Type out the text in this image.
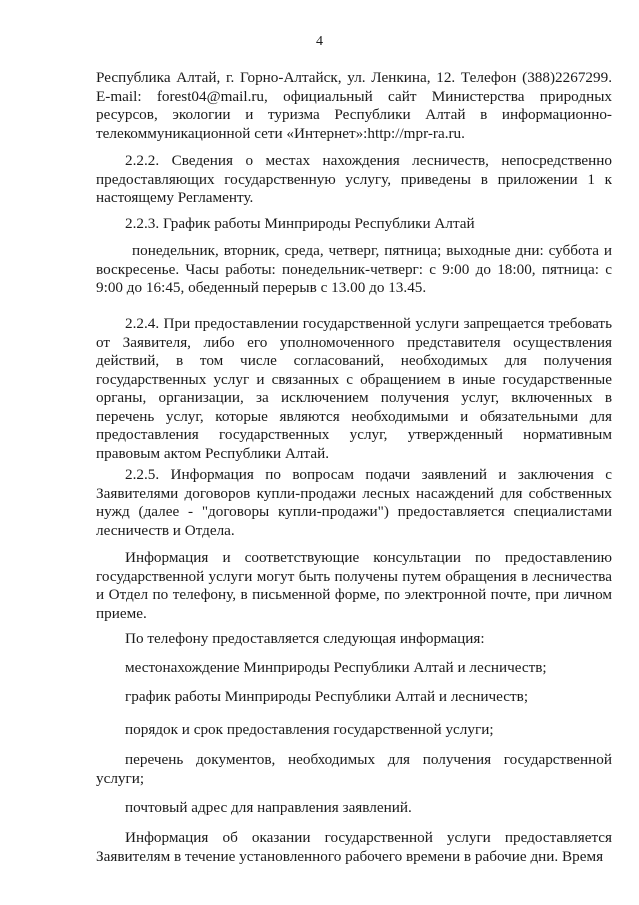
4

Республика Алтай, г. Горно-Алтайск, ул. Ленкина, 12. Телефон (388)2267299. E-mail: forest04@mail.ru, официальный сайт Министерства природных ресурсов, экологии и туризма Республики Алтай в информационно-телекоммуникационной сети «Интернет»:http://mpr-ra.ru.

2.2.2. Сведения о местах нахождения лесничеств, непосредственно предоставляющих государственную услугу, приведены в приложении 1 к настоящему Регламенту.

2.2.3. График работы Минприроды Республики Алтай

понедельник, вторник, среда, четверг, пятница; выходные дни: суббота и воскресенье. Часы работы: понедельник-четверг: с 9:00 до 18:00, пятница: с 9:00 до 16:45, обеденный перерыв с 13.00 до 13.45.

2.2.4. При предоставлении государственной услуги запрещается требовать от Заявителя, либо его уполномоченного представителя осуществления действий, в том числе согласований, необходимых для получения государственных услуг и связанных с обращением в иные государственные органы, организации, за исключением получения услуг, включенных в перечень услуг, которые являются необходимыми и обязательными для предоставления государственных услуг, утвержденный нормативным правовым актом Республики Алтай.

2.2.5. Информация по вопросам подачи заявлений и заключения с Заявителями договоров купли-продажи лесных насаждений для собственных нужд (далее - "договоры купли-продажи") предоставляется специалистами лесничеств и Отдела.

Информация и соответствующие консультации по предоставлению государственной услуги могут быть получены путем обращения в лесничества и Отдел по телефону, в письменной форме, по электронной почте, при личном приеме.

По телефону предоставляется следующая информация:

местонахождение Минприроды Республики Алтай и лесничеств;

график работы Минприроды Республики Алтай и лесничеств;

порядок и срок предоставления государственной услуги;

перечень документов, необходимых для получения государственной услуги;

почтовый адрес для направления заявлений.

Информация об оказании государственной услуги предоставляется Заявителям в течение установленного рабочего времени в рабочие дни. Время
